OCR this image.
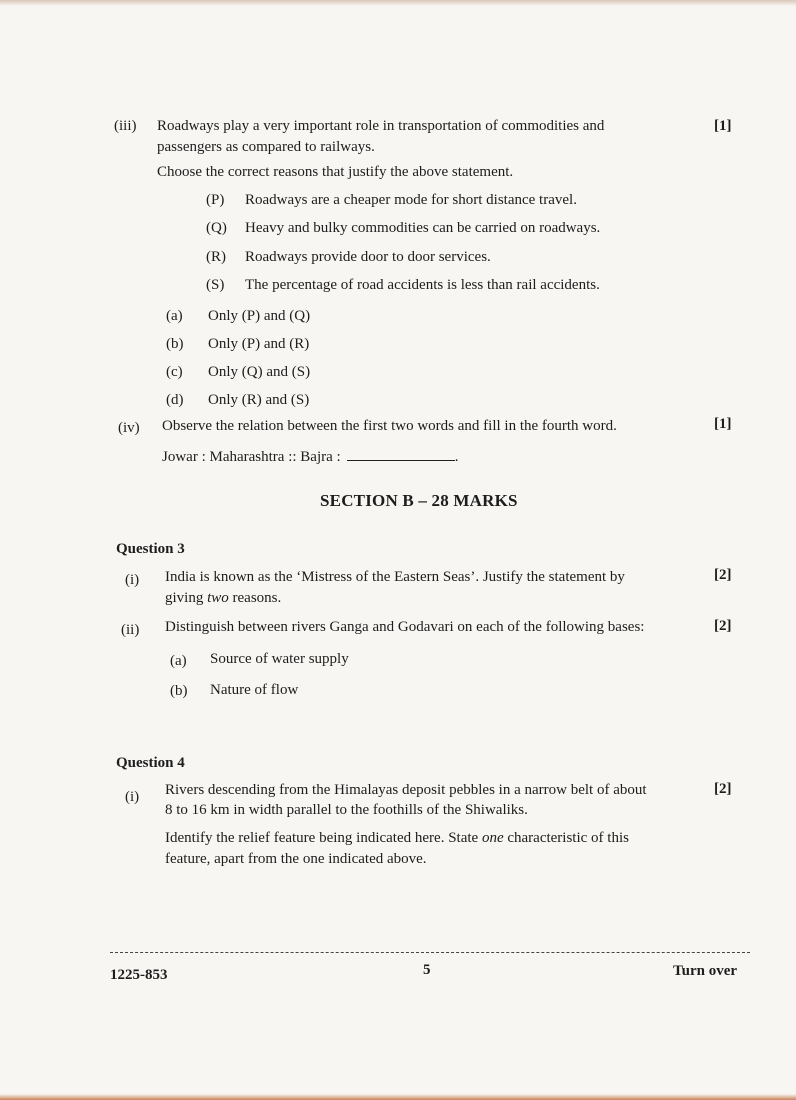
(iii) Roadways play a very important role in transportation of commodities and
passengers as compared to railways.
[1]
Choose the correct reasons that justify the above statement.
(P) Roadways are a cheaper mode for short distance travel.
(Q) Heavy and bulky commodities can be carried on roadways.
(R) Roadways provide door to door services.
(S) The percentage of road accidents is less than rail accidents.
(a) Only (P) and (Q)
(b) Only (P) and (R)
(c) Only (Q) and (S)
(d) Only (R) and (S)
(iv) Observe the relation between the first two words and fill in the fourth word.	[1]
Jowar : Maharashtra :: Bajra :	.
SECTION B – 28 MARKS
Question 3
(i) India is known as the ‘Mistress of the Eastern Seas’. Justify the statement by
giving two reasons.
[2]
(ii) Distinguish between rivers Ganga and Godavari on each of the following bases:	[2]
(a) Source of water supply
(b) Nature of flow
Question 4
(i) Rivers descending from the Himalayas deposit pebbles in a narrow belt of about
8 to 16 km in width parallel to the foothills of the Shiwaliks.
Identify the relief feature being indicated here. State one characteristic of this
feature, apart from the one indicated above.
[2]
1225-853	5	Turn over
